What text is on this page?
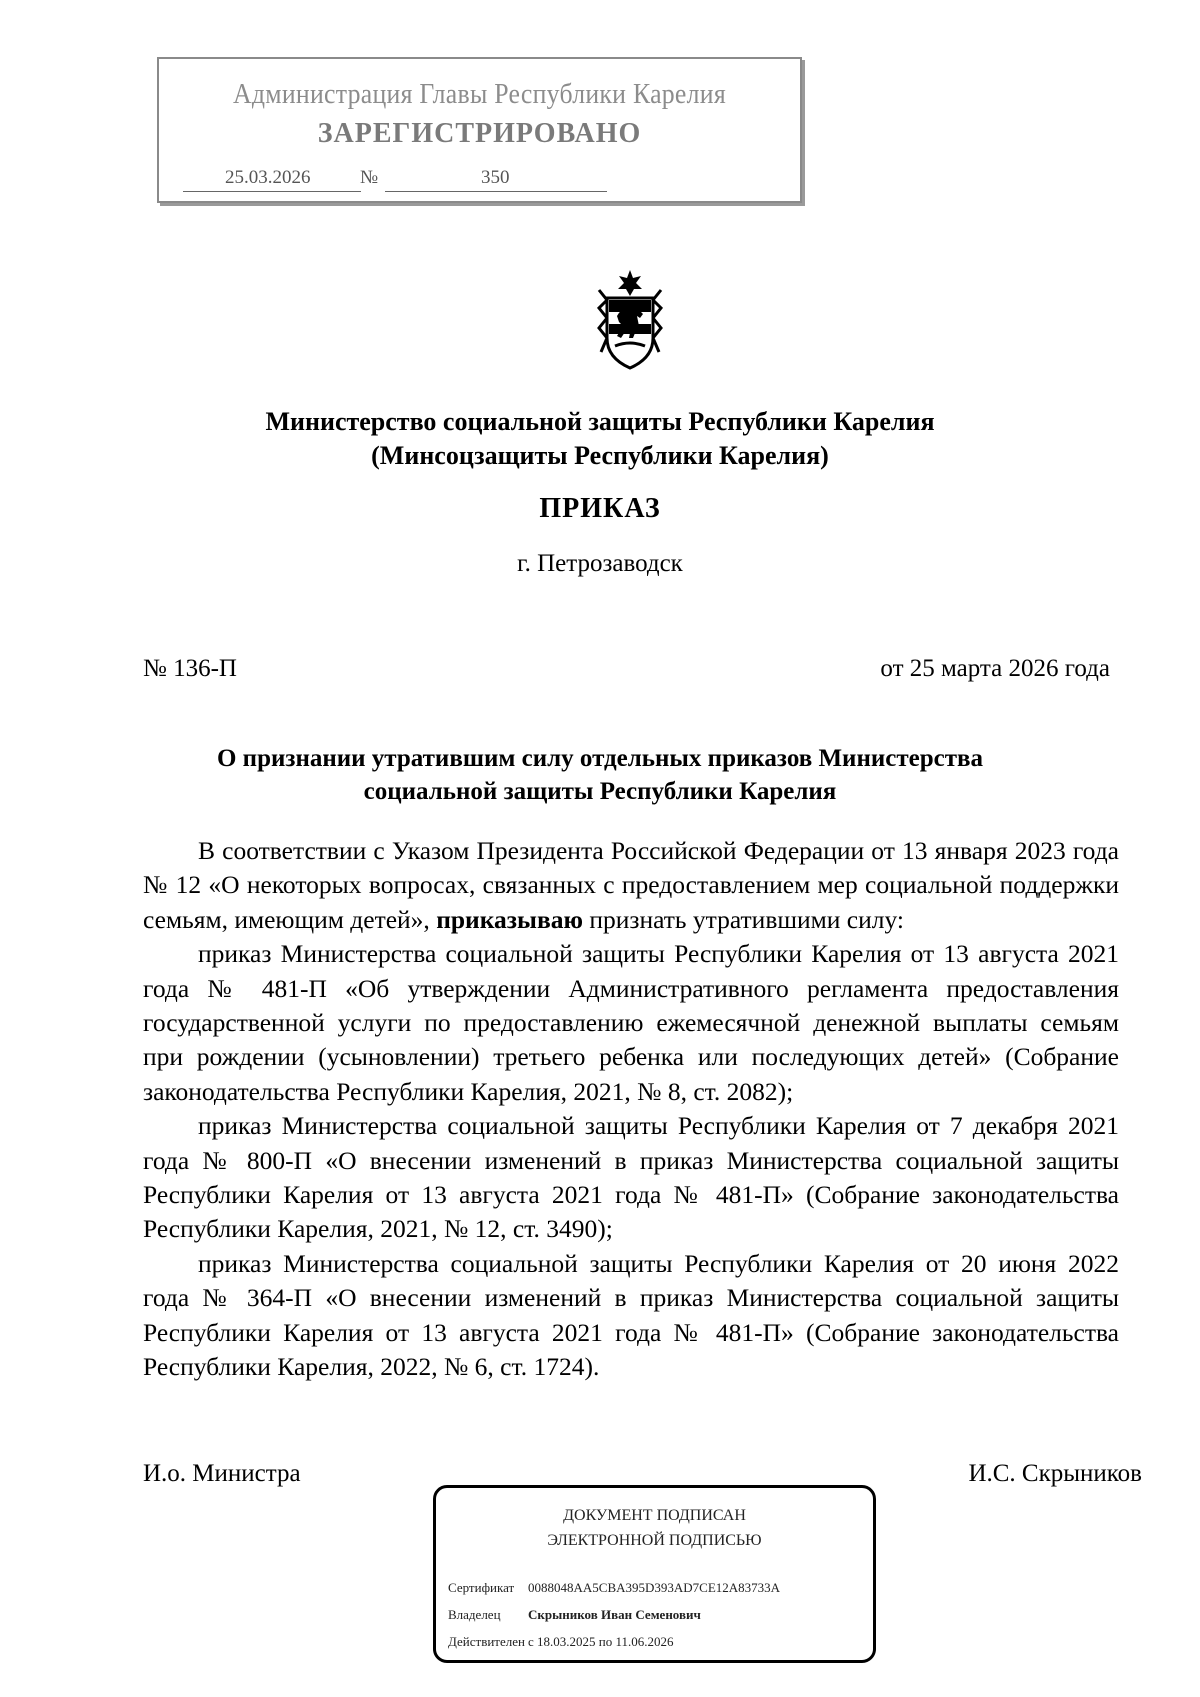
Администрация Главы Республики Карелия
ЗАРЕГИСТРИРОВАНО
25.03.2026	№	350
Министерство социальной защиты Республики Карелия
(Минсоцзащиты Республики Карелия)
ПРИКАЗ
г. Петрозаводск
№ 136-П	от 25 марта 2026 года
О признании утратившим силу отдельных приказов Министерства
социальной защиты Республики Карелия

В соответствии с Указом Президента Российской Федерации от 13 января 2023 года № 12 «О некоторых вопросах, связанных с предоставлением мер социальной поддержки семьям, имеющим детей», приказываю признать утратившими силу:

приказ Министерства социальной защиты Республики Карелия от 13 августа 2021 года № 481-П «Об утверждении Административного регламента предоставления государственной услуги по предоставлению ежемесячной денежной выплаты семьям при рождении (усыновлении) третьего ребенка или последующих детей» (Собрание законодательства Республики Карелия, 2021, № 8, ст. 2082);

приказ Министерства социальной защиты Республики Карелия от 7 декабря 2021 года № 800-П «О внесении изменений в приказ Министерства социальной защиты Республики Карелия от 13 августа 2021 года № 481-П» (Собрание законодательства Республики Карелия, 2021, № 12, ст. 3490);

приказ Министерства социальной защиты Республики Карелия от 20 июня 2022 года № 364-П «О внесении изменений в приказ Министерства социальной защиты Республики Карелия от 13 августа 2021 года № 481-П» (Собрание законодательства Республики Карелия, 2022, № 6, ст. 1724).

И.о. Министра	И.С. Скрыников
ДОКУМЕНТ ПОДПИСАН
ЭЛЕКТРОННОЙ ПОДПИСЬЮ
Сертификат 0088048AA5CBA395D393AD7CE12A83733A
Владелец Скрыников Иван Семенович
Действителен с 18.03.2025 по 11.06.2026
